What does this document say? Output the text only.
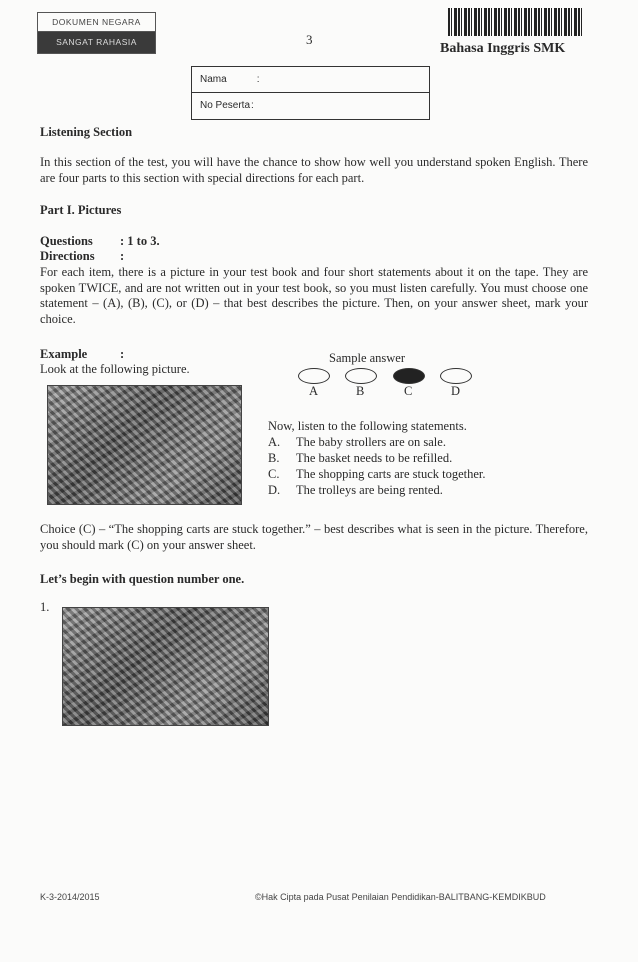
DOKUMEN NEGARA
SANGAT RAHASIA	3
Bahasa Inggris SMK
Nama	:
No Peserta:
Listening Section
In this section of the test, you will have the chance to show how well you understand spoken English. There are four parts to this section with special directions for each part.
Part I. Pictures
Questions : 1 to 3.
Directions :
For each item, there is a picture in your test book and four short statements about it on the tape. They are spoken TWICE, and are not written out in your test book, so you must listen carefully. You must choose one statement – (A), (B), (C), or (D) – that best describes the picture. Then, on your answer sheet, mark your choice.
Example	:
Look at the following picture.
Sample answer
A	B	C	D
Now, listen to the following statements.
A. The baby strollers are on sale.
B. The basket needs to be refilled.
C. The shopping carts are stuck together.
D. The trolleys are being rented.
Choice (C) – “The shopping carts are stuck together.” – best describes what is seen in the picture. Therefore, you should mark (C) on your answer sheet.
Let’s begin with question number one.
1.
K-3-2014/2015	©Hak Cipta pada Pusat Penilaian Pendidikan-BALITBANG-KEMDIKBUD
